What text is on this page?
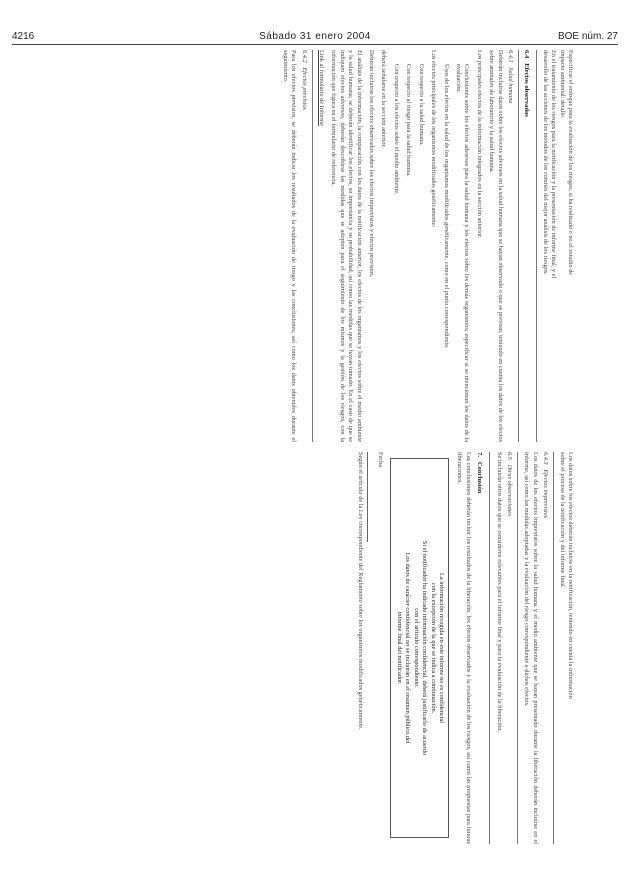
4216	Sábado 31 enero 2004	BOE núm. 27
Especificar el enfoque para la evaluación de los riesgos, si ha realizado o no el estudio de
impacto ambiental: detalle.
En el tratamiento de los riesgos para la notificación y la presentación de informe final, y el
desarrollo de las acciones de los métodos de los comités del mejor análisis de los riesgos.
6.4   Efectos observados
6.4.1   Salud humana

Deberán incluirse datos sobre los efectos adversos en la salud humana que se hayan observado o que se prevean, teniendo en cuenta los datos de los efectos sobre animales de laboratorio y la salud humana.

Los principales efectos de la información integrados en la sección anterior.

Conclusiones sobre los efectos adversos para la salud humana y los efectos sobre los demás organismos; especificar si se mencionan los datos de la evaluación.

Usos de los efectos en la salud de los organismos modificados genéticamente, como en el punto correspondiente.

Los efectos principales de los organismos modificados genéticamente:

Con respecto a la salud humana.

Con respecto al riesgo para la salud humana.

Con respecto a los efectos sobre el medio ambiente.

deberá señalarse en la sección anterior.

Deberán incluirse los efectos observados sobre los efectos imprevistos y efectos previstos.

El análisis de la información, la comparación con los datos de la notificación anterior, los efectos de los organismos y los efectos sobre el medio ambiente y la salud humana; se deberán identificar los efectos, su importancia y su probabilidad, así como las medidas que se hayan tomado. En el caso de que se indiquen efectos adversos, deberán describirse las medidas que se adopten para el seguimiento de los mismos y la gestión de los riesgos, con la información que figura en el formulario de referencia.

Link al formulario de Informe

6.4.2   Efectos previstos

Para los efectos previstos, se deberán indicar los resultados de la evaluación de riesgo y las conclusiones, así como los datos obtenidos durante el seguimiento.

Los datos sobre los efectos deberán incluirse en la notificación, teniendo en cuenta la información
sobre el proceso de la notificación y del informe final.
6.4.3   Efectos imprevistos

Los datos de los efectos imprevistos sobre la salud humana y el medio ambiente que se hayan presentado durante la liberación deberán incluirse en el informe, así como las medidas adoptadas y la evaluación del riesgo correspondiente a dichos efectos.

6.5   Otras observaciones

Se incluirán otros datos que se consideren relevantes para el informe final y para la evaluación de la liberación.

7.   Conclusión

Las conclusiones deberán incluir los resultados de la liberación, los efectos observados y la evaluación de los riesgos, así como las propuestas para futuras liberaciones.

La información recogida en este informe no es confidencial
con la excepción de la que se indica a continuación.
Si el notificador ha indicado información confidencial, deberá justificarlo de acuerdo
con el artículo correspondiente.
Los datos de carácter confidencial no se incluirán en el resumen público del
informe final del notificador.
Fecha

Según el artículo de la Ley correspondiente del Reglamento sobre los organismos modificados genéticamente.
